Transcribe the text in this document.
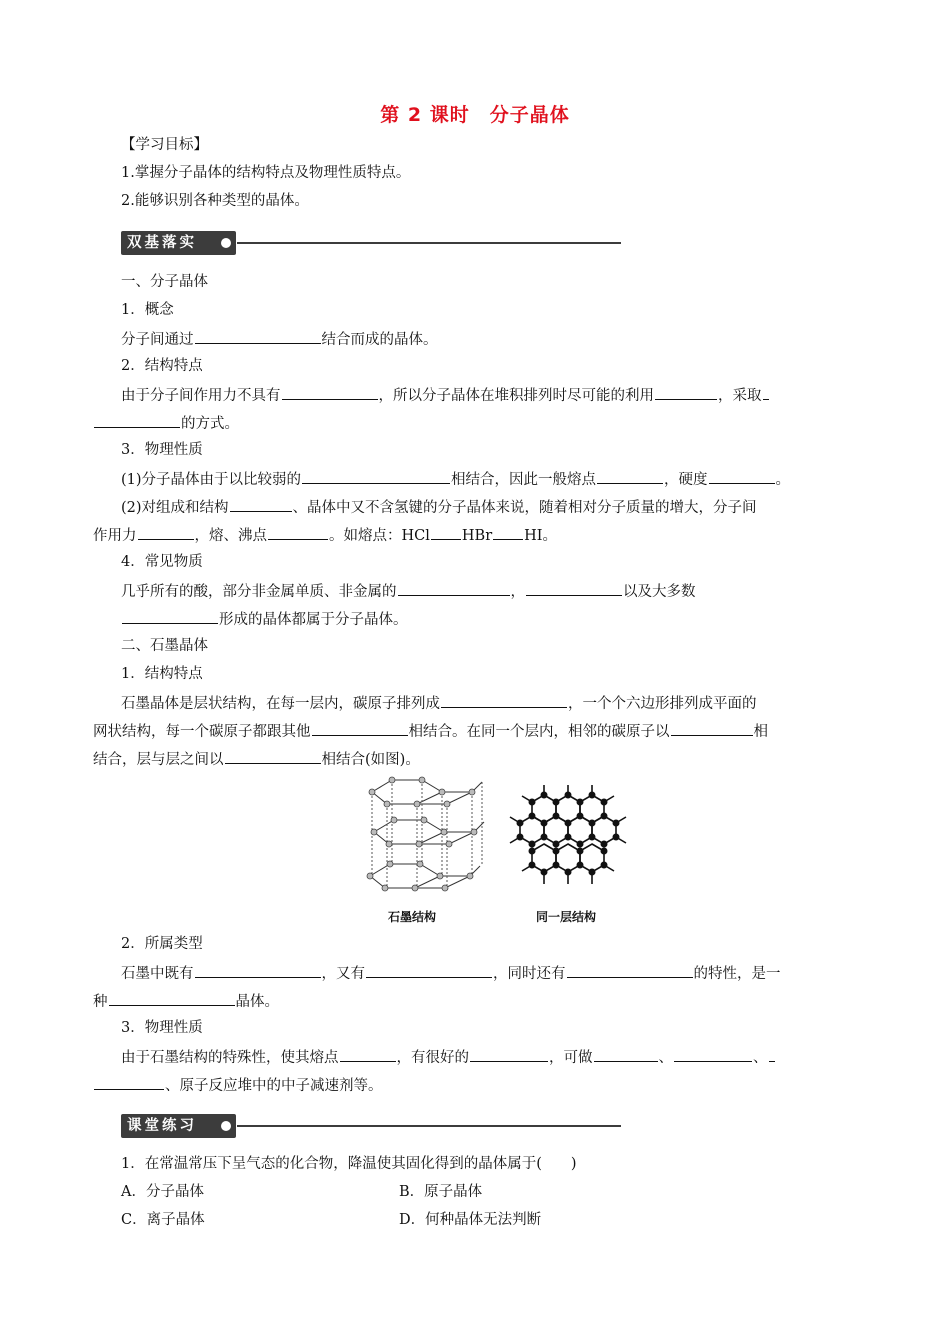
第 2 课时　分子晶体
【学习目标】
1.掌握分子晶体的结构特点及物理性质特点。
2.能够识别各种类型的晶体。
双基落实
一、分子晶体
1．概念
分子间通过	结合而成的晶体。
2．结构特点
由于分子间作用力不具有	，所以分子晶体在堆积排列时尽可能的利用	，采取
的方式。
3．物理性质
(1)分子晶体由于以比较弱的	相结合，因此一般熔点	，硬度	。
(2)对组成和结构	、晶体中又不含氢键的分子晶体来说，随着相对分子质量的增大，分子间
作用力	，熔、沸点	。如熔点：HCl HBr HI。
4．常见物质
几乎所有的酸，部分非金属单质、非金属的	，	以及大多数
形成的晶体都属于分子晶体。
二、石墨晶体
1．结构特点
石墨晶体是层状结构，在每一层内，碳原子排列成	，一个个六边形排列成平面的
网状结构，每一个碳原子都跟其他	相结合。在同一个层内，相邻的碳原子以	相
结合，层与层之间以	相结合(如图)。
石墨结构	同一层结构
2．所属类型
石墨中既有	，又有	，同时还有	的特性，是一
种	晶体。
3．物理性质
由于石墨结构的特殊性，使其熔点	，有很好的	，可做	、	、
、原子反应堆中的中子减速剂等。
课堂练习
1．在常温常压下呈气态的化合物，降温使其固化得到的晶体属于(　　)
A．分子晶体	B．原子晶体
C．离子晶体	D．何种晶体无法判断
